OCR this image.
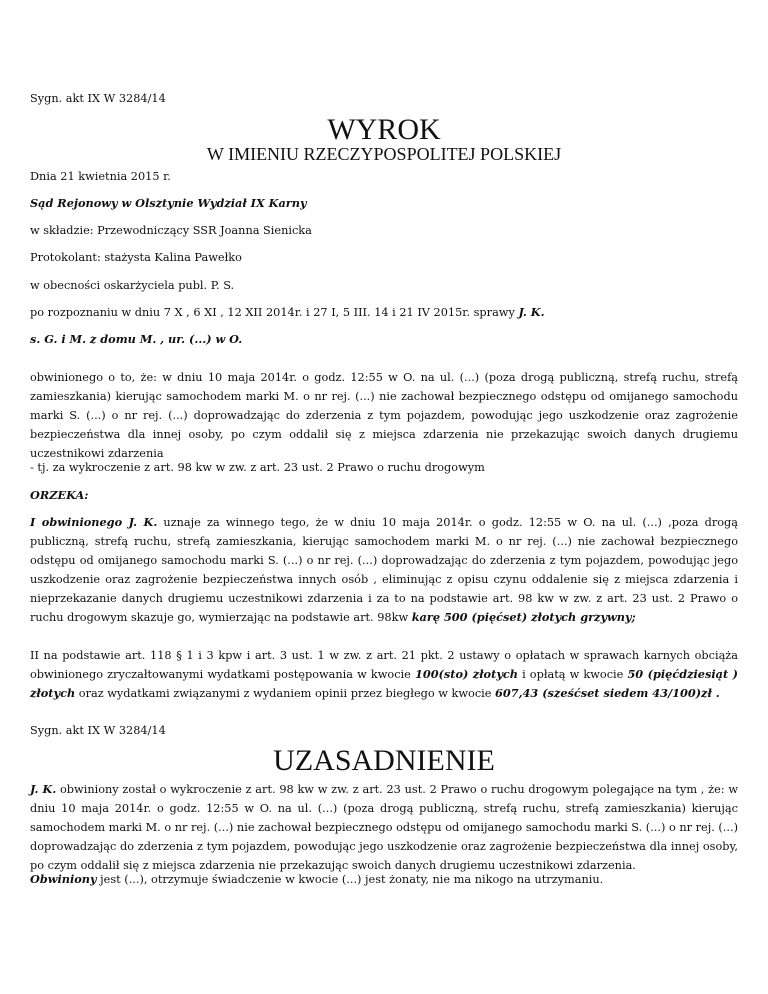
Sygn. akt IX W 3284/14

WYROK
W IMIENIU RZECZYPOSPOLITEJ POLSKIEJ

Dnia 21 kwietnia 2015 r.

Sąd Rejonowy w Olsztynie Wydział IX Karny

w składzie: Przewodniczący SSR Joanna Sienicka

Protokolant: stażysta Kalina Pawełko

w obecności oskarżyciela publ. P. S.

po rozpoznaniu w dniu 7 X , 6 XI , 12 XII 2014r. i 27 I, 5 III. 14 i 21 IV 2015r. sprawy J. K.

s. G. i M. z domu M. , ur. (...) w O.

obwinionego o to, że: w dniu 10 maja 2014r. o godz. 12:55 w O. na ul. (...) (poza drogą publiczną, strefą ruchu, strefą zamieszkania) kierując samochodem marki M. o nr rej. (...) nie zachował bezpiecznego odstępu od omijanego samochodu marki S. (...) o nr rej. (...) doprowadzając do zderzenia z tym pojazdem, powodując jego uszkodzenie oraz zagrożenie bezpieczeństwa dla innej osoby, po czym oddalił się z miejsca zdarzenia nie przekazując swoich danych drugiemu uczestnikowi zdarzenia

- tj. za wykroczenie z art. 98 kw w zw. z art. 23 ust. 2 Prawo o ruchu drogowym

ORZEKA:

I obwinionego J. K. uznaje za winnego tego, że w dniu 10 maja 2014r. o godz. 12:55 w O. na ul. (...) ,poza drogą publiczną, strefą ruchu, strefą zamieszkania, kierując samochodem marki M. o nr rej. (...) nie zachował bezpiecznego odstępu od omijanego samochodu marki S. (...) o nr rej. (...) doprowadzając do zderzenia z tym pojazdem, powodując jego uszkodzenie oraz zagrożenie bezpieczeństwa innych osób , eliminując z opisu czynu oddalenie się z miejsca zdarzenia i nieprzekazanie danych drugiemu uczestnikowi zdarzenia i za to na podstawie art. 98 kw w zw. z art. 23 ust. 2 Prawo o ruchu drogowym skazuje go, wymierzając na podstawie art. 98kw karę 500 (pięćset) złotych grzywny;

II na podstawie art. 118 § 1 i 3 kpw i art. 3 ust. 1 w zw. z art. 21 pkt. 2 ustawy o opłatach w sprawach karnych obciąża obwinionego zryczałtowanymi wydatkami postępowania w kwocie 100(sto) złotych i opłatą w kwocie 50 (pięćdziesiąt ) złotych oraz wydatkami związanymi z wydaniem opinii przez biegłego w kwocie 607,43 (sześćset siedem 43/100)zł .

Sygn. akt IX W 3284/14

UZASADNIENIE

J. K. obwiniony został o wykroczenie z art. 98 kw w zw. z art. 23 ust. 2 Prawo o ruchu drogowym polegające na tym , że: w dniu 10 maja 2014r. o godz. 12:55 w O. na ul. (...) (poza drogą publiczną, strefą ruchu, strefą zamieszkania) kierując samochodem marki M. o nr rej. (...) nie zachował bezpiecznego odstępu od omijanego samochodu marki S. (...) o nr rej. (...) doprowadzając do zderzenia z tym pojazdem, powodując jego uszkodzenie oraz zagrożenie bezpieczeństwa dla innej osoby, po czym oddalił się z miejsca zdarzenia nie przekazując swoich danych drugiemu uczestnikowi zdarzenia.

Obwiniony jest (...), otrzymuje świadczenie w kwocie (...) jest żonaty, nie ma nikogo na utrzymaniu.
